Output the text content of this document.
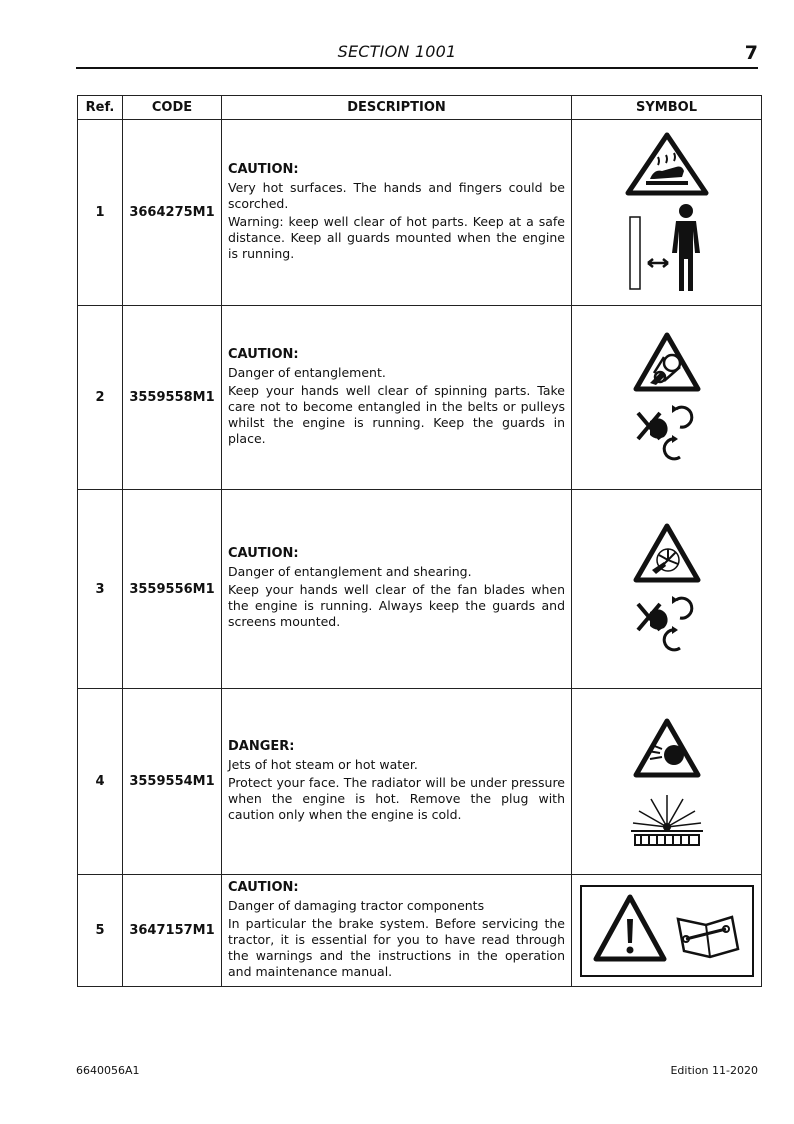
SECTION 1001	7
Ref.	CODE	DESCRIPTION	SYMBOL
1	3664275M1	CAUTION:
Very hot surfaces. The hands and fingers could be scorched.
Warning: keep well clear of hot parts. Keep at a safe distance. Keep all guards mounted when the engine is running.

2	3559558M1	CAUTION:
Danger of entanglement.
Keep your hands well clear of spinning parts. Take care not to become entangled in the belts or pulleys whilst the engine is running. Keep the guards in place.

3	3559556M1	CAUTION:
Danger of entanglement and shearing.
Keep your hands well clear of the fan blades when the engine is running. Always keep the guards and screens mounted.

4	3559554M1	DANGER:
Jets of hot steam or hot water.
Protect your face. The radiator will be under pressure when the engine is hot. Remove the plug with caution only when the engine is cold.

5	3647157M1	CAUTION:
Danger of damaging tractor components
In particular the brake system. Before servicing the tractor, it is essential for you to have read through the warnings and the instructions in the operation and maintenance manual.

6640056A1	Edition 11-2020
